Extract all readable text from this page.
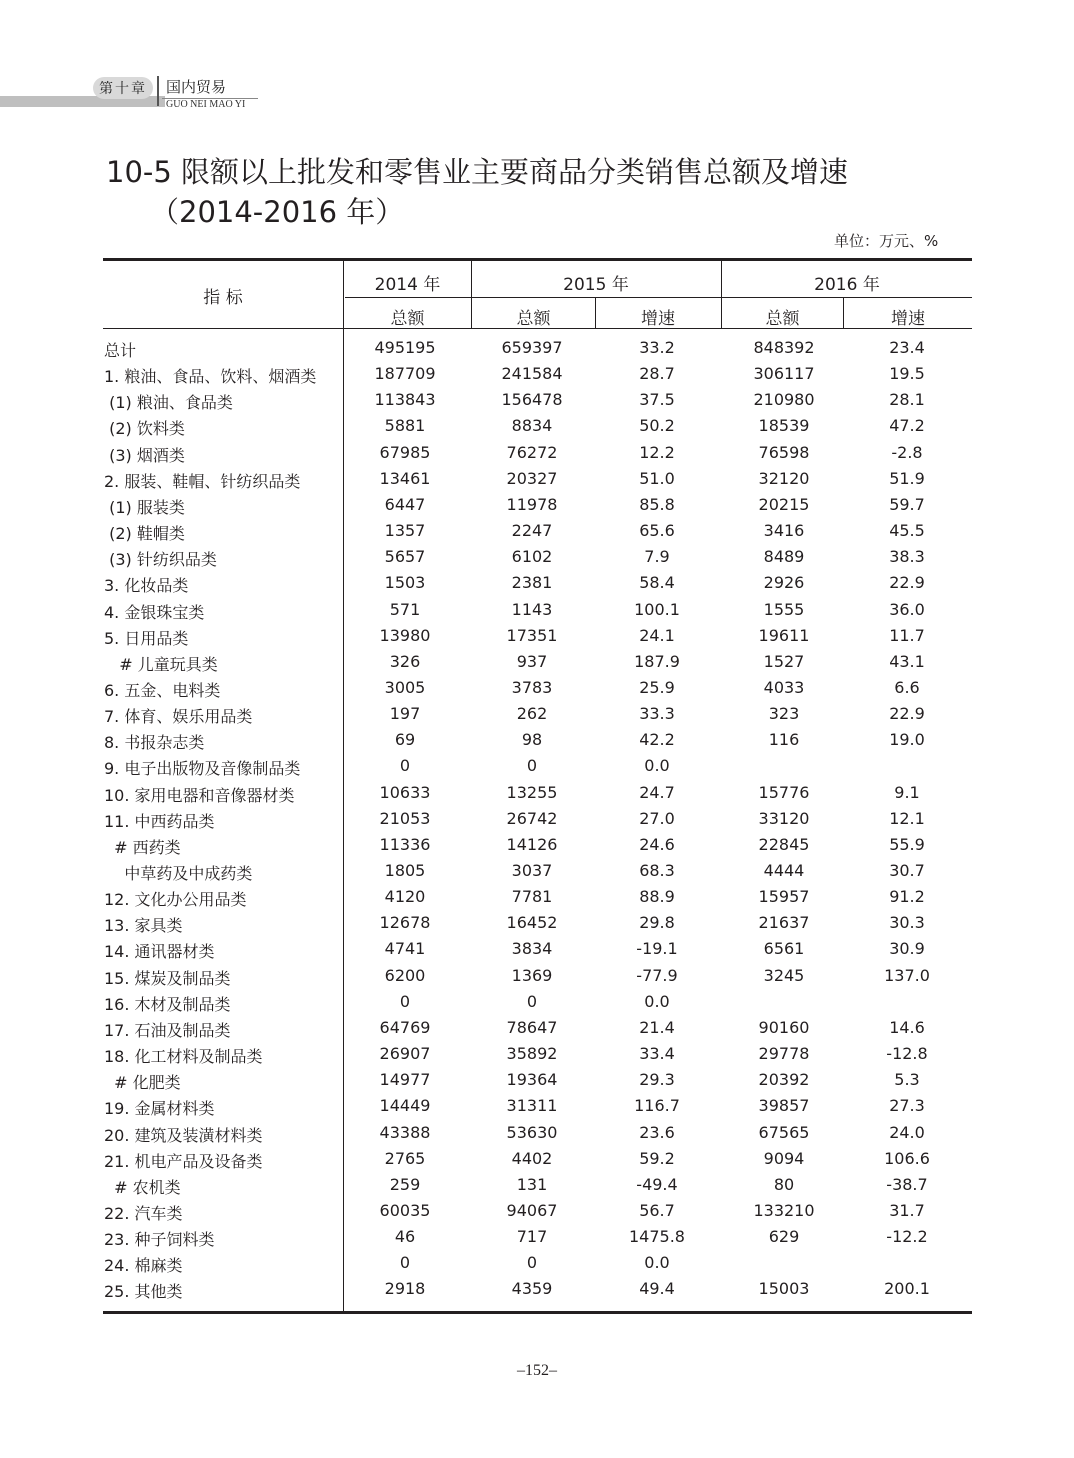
第十章 国内贸易
GUO NEI MAO YI
10-5 限额以上批发和零售业主要商品分类销售总额及增速
（2014-2016 年）
单位：万元、%
指 标
2014 年	2015 年	2016 年
总额	总额	增速	总额	增速
总计	495195	659397	33.2	848392	23.4
1. 粮油、食品、饮料、烟酒类	187709	241584	28.7	306117	19.5
(1) 粮油、食品类	113843	156478	37.5	210980	28.1
(2) 饮料类	5881	8834	50.2	18539	47.2
(3) 烟酒类	67985	76272	12.2	76598	-2.8
2. 服装、鞋帽、针纺织品类	13461	20327	51.0	32120	51.9
(1) 服装类	6447	11978	85.8	20215	59.7
(2) 鞋帽类	1357	2247	65.6	3416	45.5
(3) 针纺织品类	5657	6102	7.9	8489	38.3
3. 化妆品类	1503	2381	58.4	2926	22.9
4. 金银珠宝类	571	1143	100.1	1555	36.0
5. 日用品类	13980	17351	24.1	19611	11.7
# 儿童玩具类	326	937	187.9	1527	43.1
6. 五金、电料类	3005	3783	25.9	4033	6.6
7. 体育、娱乐用品类	197	262	33.3	323	22.9
8. 书报杂志类	69	98	42.2	116	19.0
9. 电子出版物及音像制品类	0	0	0.0
10. 家用电器和音像器材类	10633	13255	24.7	15776	9.1
11. 中西药品类	21053	26742	27.0	33120	12.1
# 西药类	11336	14126	24.6	22845	55.9
中草药及中成药类	1805	3037	68.3	4444	30.7
12. 文化办公用品类	4120	7781	88.9	15957	91.2
13. 家具类	12678	16452	29.8	21637	30.3
14. 通讯器材类	4741	3834	-19.1	6561	30.9
15. 煤炭及制品类	6200	1369	-77.9	3245	137.0
16. 木材及制品类	0	0	0.0
17. 石油及制品类	64769	78647	21.4	90160	14.6
18. 化工材料及制品类	26907	35892	33.4	29778	-12.8
# 化肥类	14977	19364	29.3	20392	5.3
19. 金属材料类	14449	31311	116.7	39857	27.3
20. 建筑及装潢材料类	43388	53630	23.6	67565	24.0
21. 机电产品及设备类	2765	4402	59.2	9094	106.6
# 农机类	259	131	-49.4	80	-38.7
22. 汽车类	60035	94067	56.7	133210	31.7
23. 种子饲料类	46	717	1475.8	629	-12.2
24. 棉麻类	0	0	0.0
25. 其他类	2918	4359	49.4	15003	200.1
–152–
